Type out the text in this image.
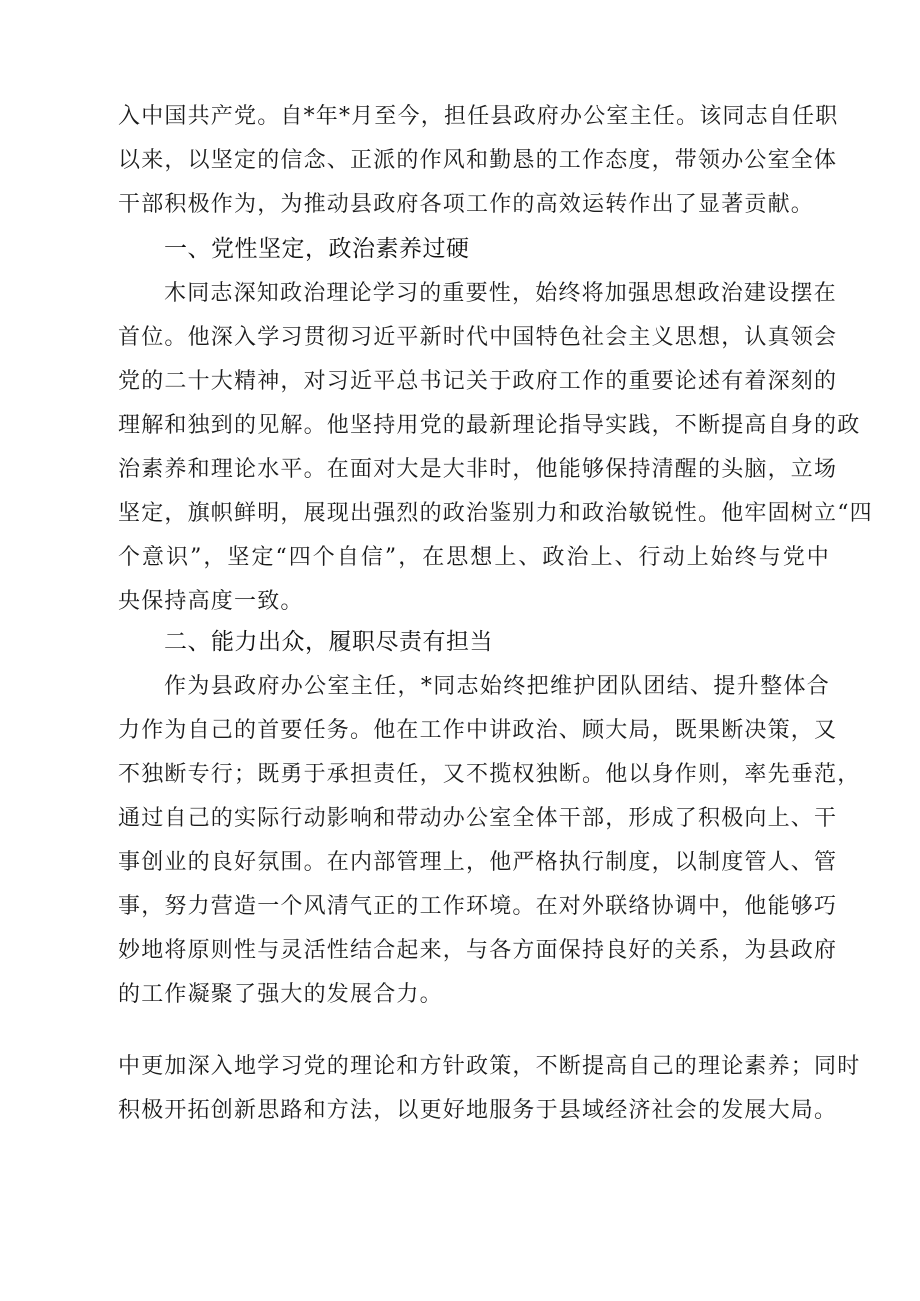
入中国共产党。自*年*月至今，担任县政府办公室主任。该同志自任职
以来，以坚定的信念、正派的作风和勤恳的工作态度，带领办公室全体
干部积极作为，为推动县政府各项工作的高效运转作出了显著贡献。
一、党性坚定，政治素养过硬
木同志深知政治理论学习的重要性，始终将加强思想政治建设摆在
首位。他深入学习贯彻习近平新时代中国特色社会主义思想，认真领会
党的二十大精神，对习近平总书记关于政府工作的重要论述有着深刻的
理解和独到的见解。他坚持用党的最新理论指导实践，不断提高自身的政
治素养和理论水平。在面对大是大非时，他能够保持清醒的头脑，立场
坚定，旗帜鲜明，展现出强烈的政治鉴别力和政治敏锐性。他牢固树立“四
个意识”，坚定“四个自信”，在思想上、政治上、行动上始终与党中
央保持高度一致。
二、能力出众，履职尽责有担当
作为县政府办公室主任，*同志始终把维护团队团结、提升整体合
力作为自己的首要任务。他在工作中讲政治、顾大局，既果断决策，又
不独断专行；既勇于承担责任，又不揽权独断。他以身作则，率先垂范，
通过自己的实际行动影响和带动办公室全体干部，形成了积极向上、干
事创业的良好氛围。在内部管理上，他严格执行制度，以制度管人、管
事，努力营造一个风清气正的工作环境。在对外联络协调中，他能够巧
妙地将原则性与灵活性结合起来，与各方面保持良好的关系，为县政府
的工作凝聚了强大的发展合力。
中更加深入地学习党的理论和方针政策，不断提高自己的理论素养；同时
积极开拓创新思路和方法，以更好地服务于县域经济社会的发展大局。
